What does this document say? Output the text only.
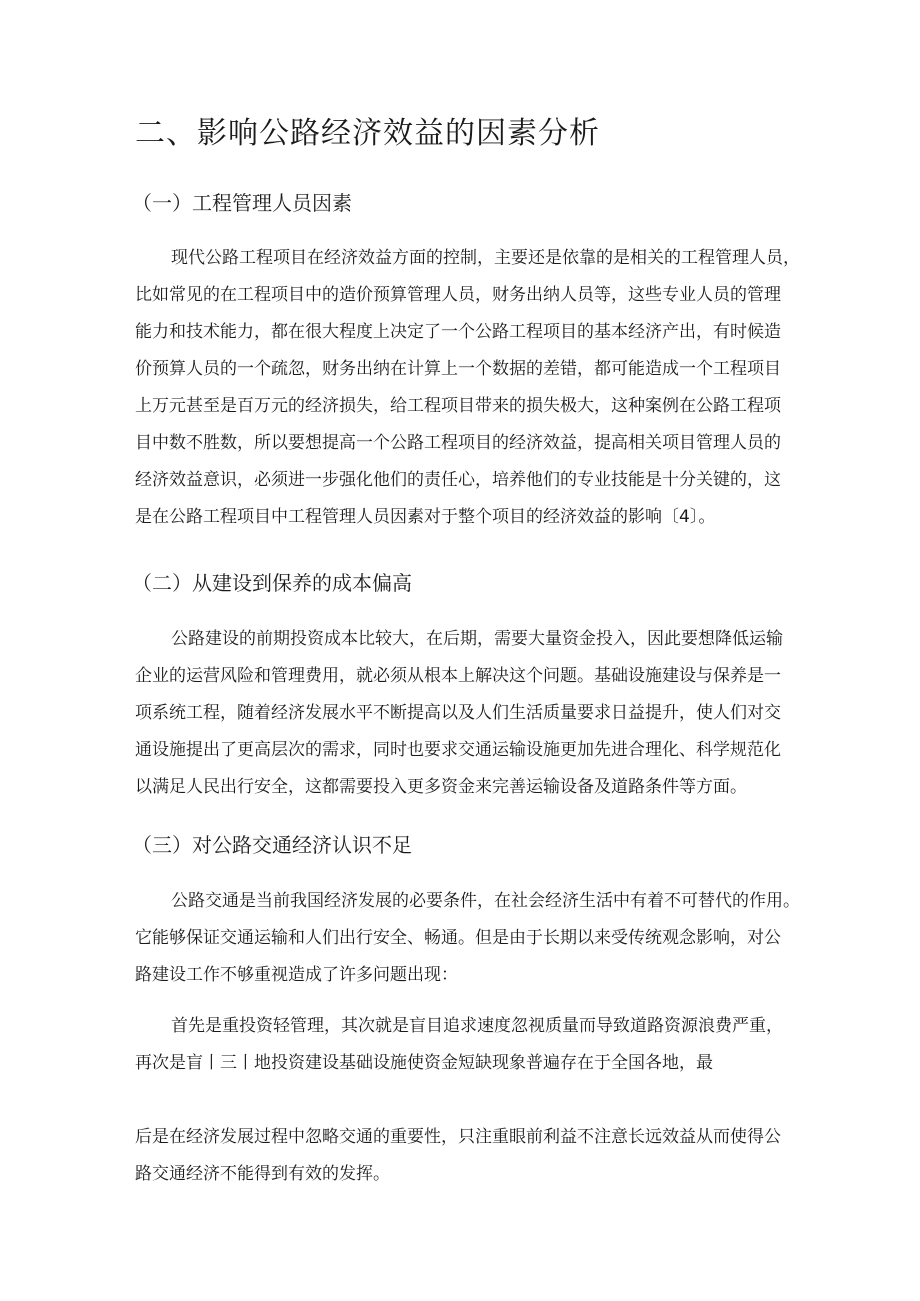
二、影响公路经济效益的因素分析
（一）工程管理人员因素
现代公路工程项目在经济效益方面的控制，主要还是依靠的是相关的工程管理人员，
比如常见的在工程项目中的造价预算管理人员，财务出纳人员等，这些专业人员的管理
能力和技术能力，都在很大程度上决定了一个公路工程项目的基本经济产出，有时候造
价预算人员的一个疏忽，财务出纳在计算上一个数据的差错，都可能造成一个工程项目
上万元甚至是百万元的经济损失，给工程项目带来的损失极大，这种案例在公路工程项
目中数不胜数，所以要想提高一个公路工程项目的经济效益，提高相关项目管理人员的
经济效益意识，必须进一步强化他们的责任心，培养他们的专业技能是十分关键的，这
是在公路工程项目中工程管理人员因素对于整个项目的经济效益的影响〔4〕。
（二）从建设到保养的成本偏高
公路建设的前期投资成本比较大，在后期，需要大量资金投入，因此要想降低运输
企业的运营风险和管理费用，就必须从根本上解决这个问题。基础设施建设与保养是一
项系统工程，随着经济发展水平不断提高以及人们生活质量要求日益提升，使人们对交
通设施提出了更高层次的需求，同时也要求交通运输设施更加先进合理化、科学规范化
以满足人民出行安全，这都需要投入更多资金来完善运输设备及道路条件等方面。
（三）对公路交通经济认识不足
公路交通是当前我国经济发展的必要条件，在社会经济生活中有着不可替代的作用。
它能够保证交通运输和人们出行安全、畅通。但是由于长期以来受传统观念影响，对公
路建设工作不够重视造成了许多问题出现：
首先是重投资轻管理，其次就是盲目追求速度忽视质量而导致道路资源浪费严重，
再次是盲丨三丨地投资建设基础设施使资金短缺现象普遍存在于全国各地，最
后是在经济发展过程中忽略交通的重要性，只注重眼前利益不注意长远效益从而使得公
路交通经济不能得到有效的发挥。
